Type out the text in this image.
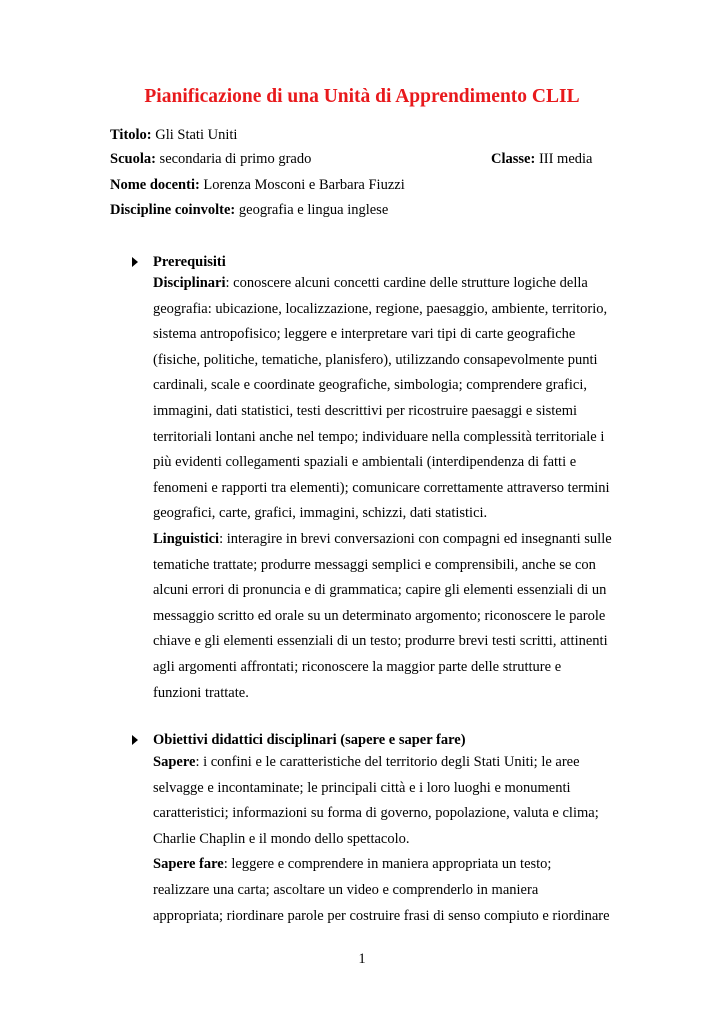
Pianificazione di una Unità di Apprendimento CLIL
Titolo: Gli Stati Uniti
Scuola: secondaria di primo grado	Classe: III media
Nome docenti: Lorenza Mosconi e Barbara Fiuzzi
Discipline coinvolte: geografia e lingua inglese
Prerequisiti
Disciplinari: conoscere alcuni concetti cardine delle strutture logiche della
geografia: ubicazione, localizzazione, regione, paesaggio, ambiente, territorio,
sistema antropofisico; leggere e interpretare vari tipi di carte geografiche
(fisiche, politiche, tematiche, planisfero), utilizzando consapevolmente punti
cardinali, scale e coordinate geografiche, simbologia; comprendere grafici,
immagini, dati statistici, testi descrittivi per ricostruire paesaggi e sistemi
territoriali lontani anche nel tempo; individuare nella complessità territoriale i
più evidenti collegamenti spaziali e ambientali (interdipendenza di fatti e
fenomeni e rapporti tra elementi); comunicare correttamente attraverso termini
geografici, carte, grafici, immagini, schizzi, dati statistici.
Linguistici: interagire in brevi conversazioni con compagni ed insegnanti sulle
tematiche trattate; produrre messaggi semplici e comprensibili, anche se con
alcuni errori di pronuncia e di grammatica; capire gli elementi essenziali di un
messaggio scritto ed orale su un determinato argomento; riconoscere le parole
chiave e gli elementi essenziali di un testo; produrre brevi testi scritti, attinenti
agli argomenti affrontati; riconoscere la maggior parte delle strutture e
funzioni trattate.
Obiettivi didattici disciplinari (sapere e saper fare)
Sapere: i confini e le caratteristiche del territorio degli Stati Uniti; le aree
selvagge e incontaminate; le principali città e i loro luoghi e monumenti
caratteristici; informazioni su forma di governo, popolazione, valuta e clima;
Charlie Chaplin e il mondo dello spettacolo.
Sapere fare: leggere e comprendere in maniera appropriata un testo;
realizzare una carta; ascoltare un video e comprenderlo in maniera
appropriata; riordinare parole per costruire frasi di senso compiuto e riordinare
1
